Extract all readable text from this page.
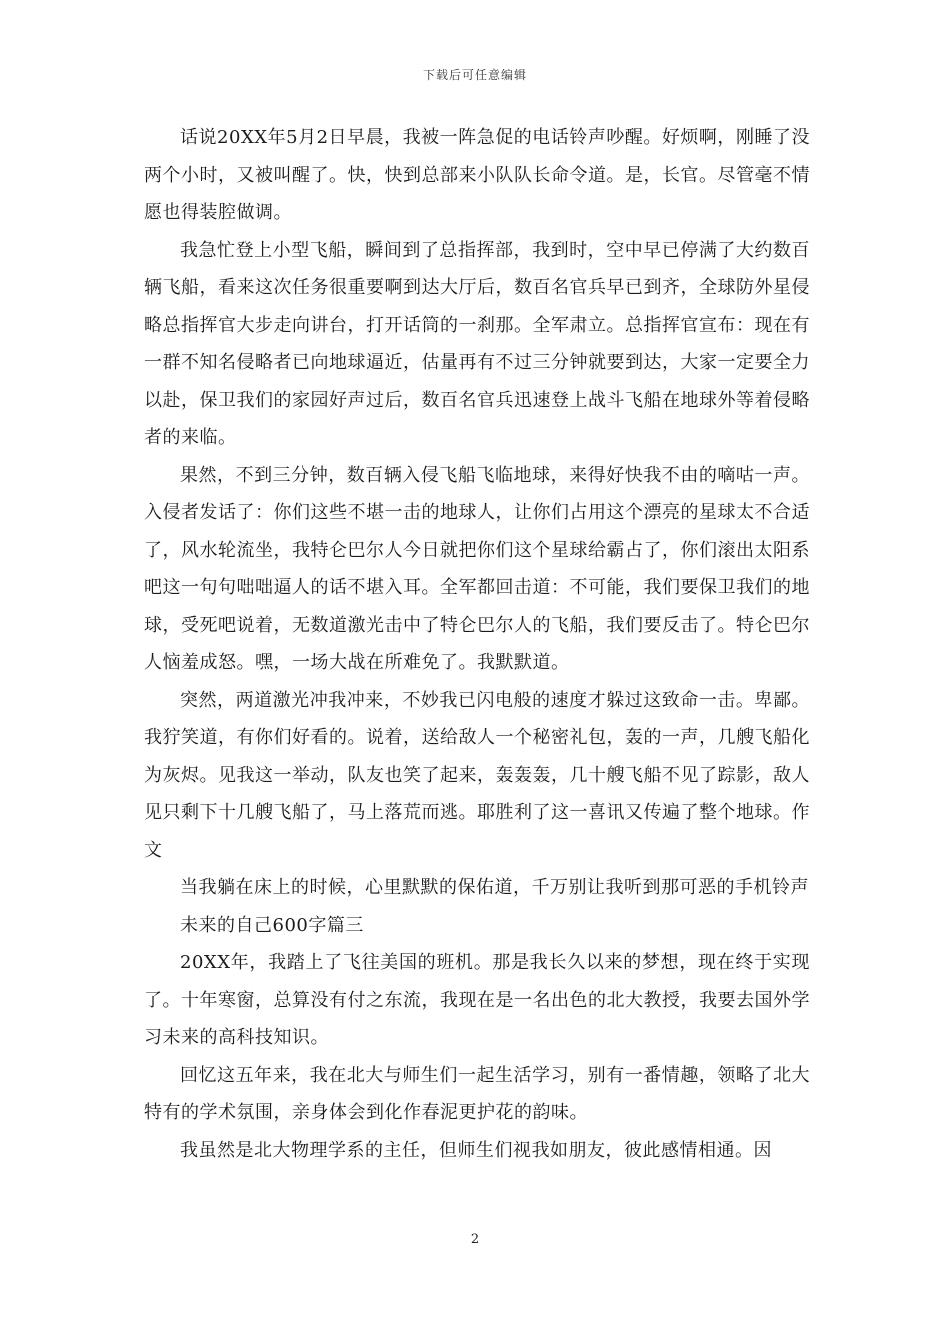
下载后可任意编辑

话说20XX年5月2日早晨，我被一阵急促的电话铃声吵醒。好烦啊，刚睡了没两个小时，又被叫醒了。快，快到总部来小队队长命令道。是，长官。尽管毫不情愿也得装腔做调。

我急忙登上小型飞船，瞬间到了总指挥部，我到时，空中早已停满了大约数百辆飞船，看来这次任务很重要啊到达大厅后，数百名官兵早已到齐，全球防外星侵略总指挥官大步走向讲台，打开话筒的一刹那。全军肃立。总指挥官宣布：现在有一群不知名侵略者已向地球逼近，估量再有不过三分钟就要到达，大家一定要全力以赴，保卫我们的家园好声过后，数百名官兵迅速登上战斗飞船在地球外等着侵略者的来临。

果然，不到三分钟，数百辆入侵飞船飞临地球，来得好快我不由的嘀咕一声。入侵者发话了：你们这些不堪一击的地球人，让你们占用这个漂亮的星球太不合适了，风水轮流坐，我特仑巴尔人今日就把你们这个星球给霸占了，你们滚出太阳系吧这一句句咄咄逼人的话不堪入耳。全军都回击道：不可能，我们要保卫我们的地球，受死吧说着，无数道激光击中了特仑巴尔人的飞船，我们要反击了。特仑巴尔人恼羞成怒。嘿，一场大战在所难免了。我默默道。

突然，两道激光冲我冲来，不妙我已闪电般的速度才躲过这致命一击。卑鄙。我狞笑道，有你们好看的。说着，送给敌人一个秘密礼包，轰的一声，几艘飞船化为灰烬。见我这一举动，队友也笑了起来，轰轰轰，几十艘飞船不见了踪影，敌人见只剩下十几艘飞船了，马上落荒而逃。耶胜利了这一喜讯又传遍了整个地球。作文

当我躺在床上的时候，心里默默的保佑道，千万别让我听到那可恶的手机铃声

未来的自己600字篇三

20XX年，我踏上了飞往美国的班机。那是我长久以来的梦想，现在终于实现了。十年寒窗，总算没有付之东流，我现在是一名出色的北大教授，我要去国外学习未来的高科技知识。

回忆这五年来，我在北大与师生们一起生活学习，别有一番情趣，领略了北大特有的学术氛围，亲身体会到化作春泥更护花的韵味。

我虽然是北大物理学系的主任，但师生们视我如朋友，彼此感情相通。因

2
